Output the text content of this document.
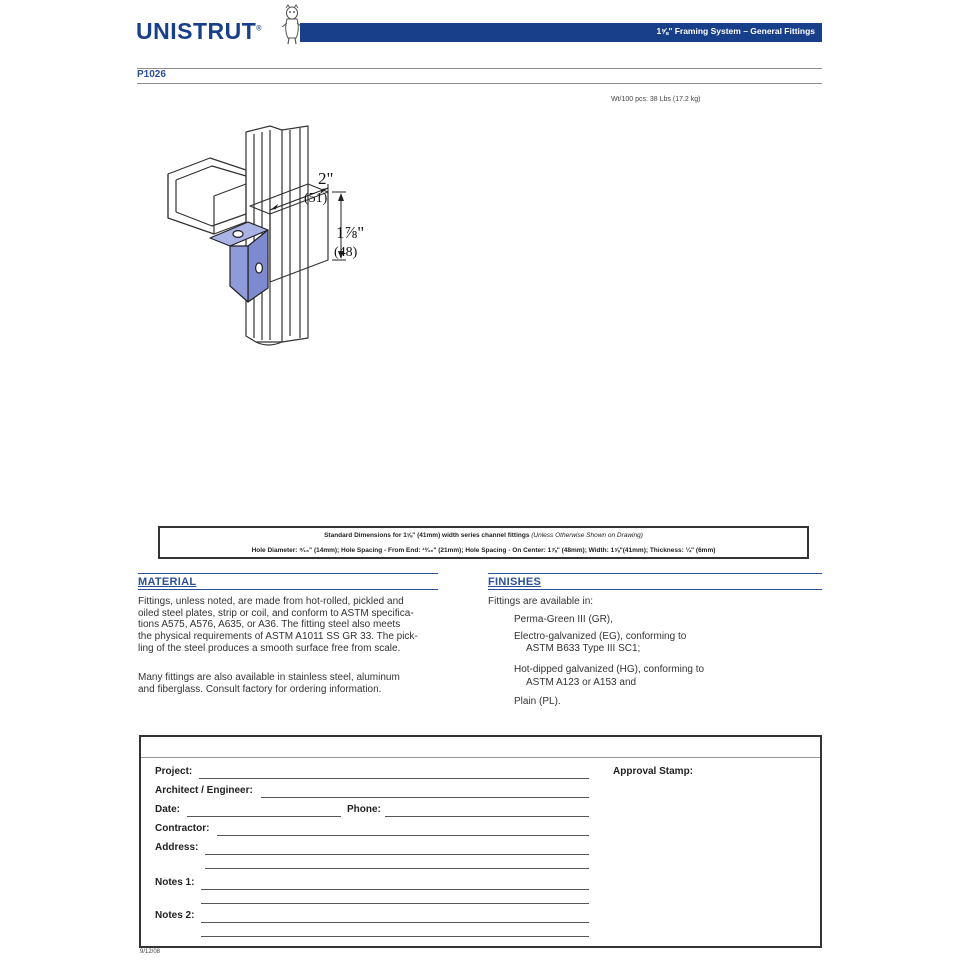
UNISTRUT®	1⅝" Framing System – General Fittings
P1026
Wt/100 pcs: 38 Lbs (17.2 kg)
2"
(51)
1⅞"
(48)
Standard Dimensions for 1⅝" (41mm) width series channel fittings (Unless Otherwise Shown on Drawing)
Hole Diameter: ⁹⁄₁₆" (14mm); Hole Spacing - From End: ¹³⁄₁₆" (21mm); Hole Spacing - On Center: 1⅞" (48mm); Width: 1⅝"(41mm); Thickness: ¼" (6mm)
MATERIAL
Fittings, unless noted, are made from hot-rolled, pickled and
oiled steel plates, strip or coil, and conform to ASTM specifica-
tions A575, A576, A635, or A36. The fitting steel also meets
the physical requirements of ASTM A1011 SS GR 33. The pick-
ling of the steel produces a smooth surface free from scale.
Many fittings are also available in stainless steel, aluminum
and fiberglass. Consult factory for ordering information.
FINISHES
Fittings are available in:
Perma-Green III (GR),
Electro-galvanized (EG), conforming to
ASTM B633 Type III SC1;
Hot-dipped galvanized (HG), conforming to
ASTM A123 or A153 and
Plain (PL).
Project:
Architect / Engineer:
Date:	Phone:
Contractor:
Address:
Notes 1:
Notes 2:
Approval Stamp:
9/12/08
